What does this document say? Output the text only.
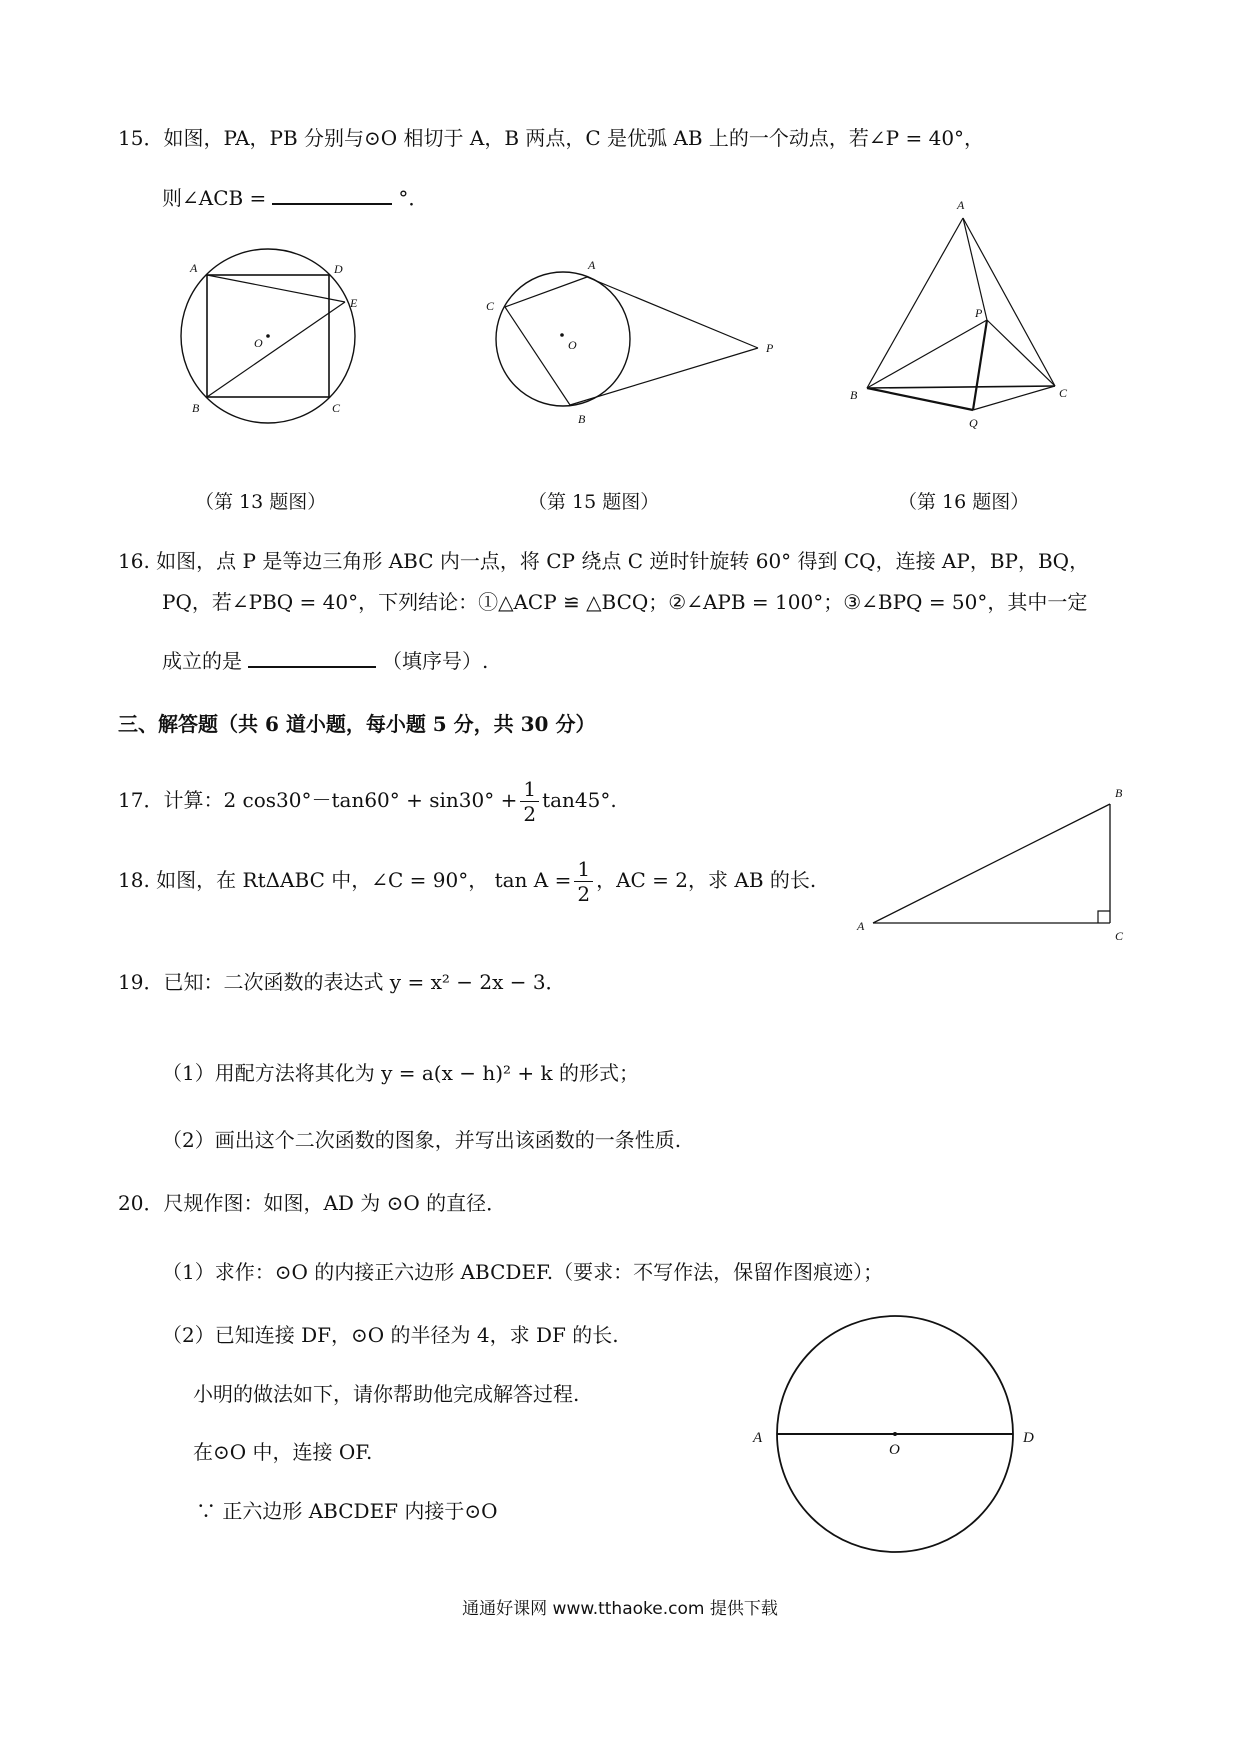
15．如图，PA，PB 分别与⊙O 相切于 A，B 两点，C 是优弧 AB 上的一个动点，若∠P = 40°，
则∠ACB =	°．
A	D
E
O
B	C
A
C
O	P
B
A
P
B	C
Q
（第 13 题图）	（第 15 题图）	（第 16 题图）
16. 如图，点 P 是等边三角形 ABC 内一点，将 CP 绕点 C 逆时针旋转 60° 得到 CQ，连接 AP，BP，BQ，
PQ，若∠PBQ = 40°，下列结论：①△ACP ≌ △BCQ；②∠APB = 100°；③∠BPQ = 50°，其中一定
成立的是	（填序号）.
三、解答题（共 6 道小题，每小题 5 分，共 30 分）
17．计算：2 $\cos 30^\circ-\tan 60^\circ + \sin 30^\circ + \frac{1}{2} \tan 45^\circ$.
18. 如图，在 RtΔABC 中，∠C = 90°， $\tan A = \frac{1}{2}$ ，AC = 2，求 AB 的长.
A
B
C
19．已知：二次函数的表达式 y = x² − 2x − 3．
（1）用配方法将其化为 y = a(x − h)² + k 的形式；
（2）画出这个二次函数的图象，并写出该函数的一条性质.
20．尺规作图：如图，AD 为 ⊙O 的直径．
（1）求作：⊙O 的内接正六边形 ABCDEF.（要求：不写作法，保留作图痕迹）；
（2）已知连接 DF，⊙O 的半径为 4，求 DF 的长.
小明的做法如下，请你帮助他完成解答过程.
在⊙O 中，连接 OF.
∵ 正六边形 ABCDEF 内接于⊙O
A
O
D
通通好课网 www.tthaoke.com 提供下载
